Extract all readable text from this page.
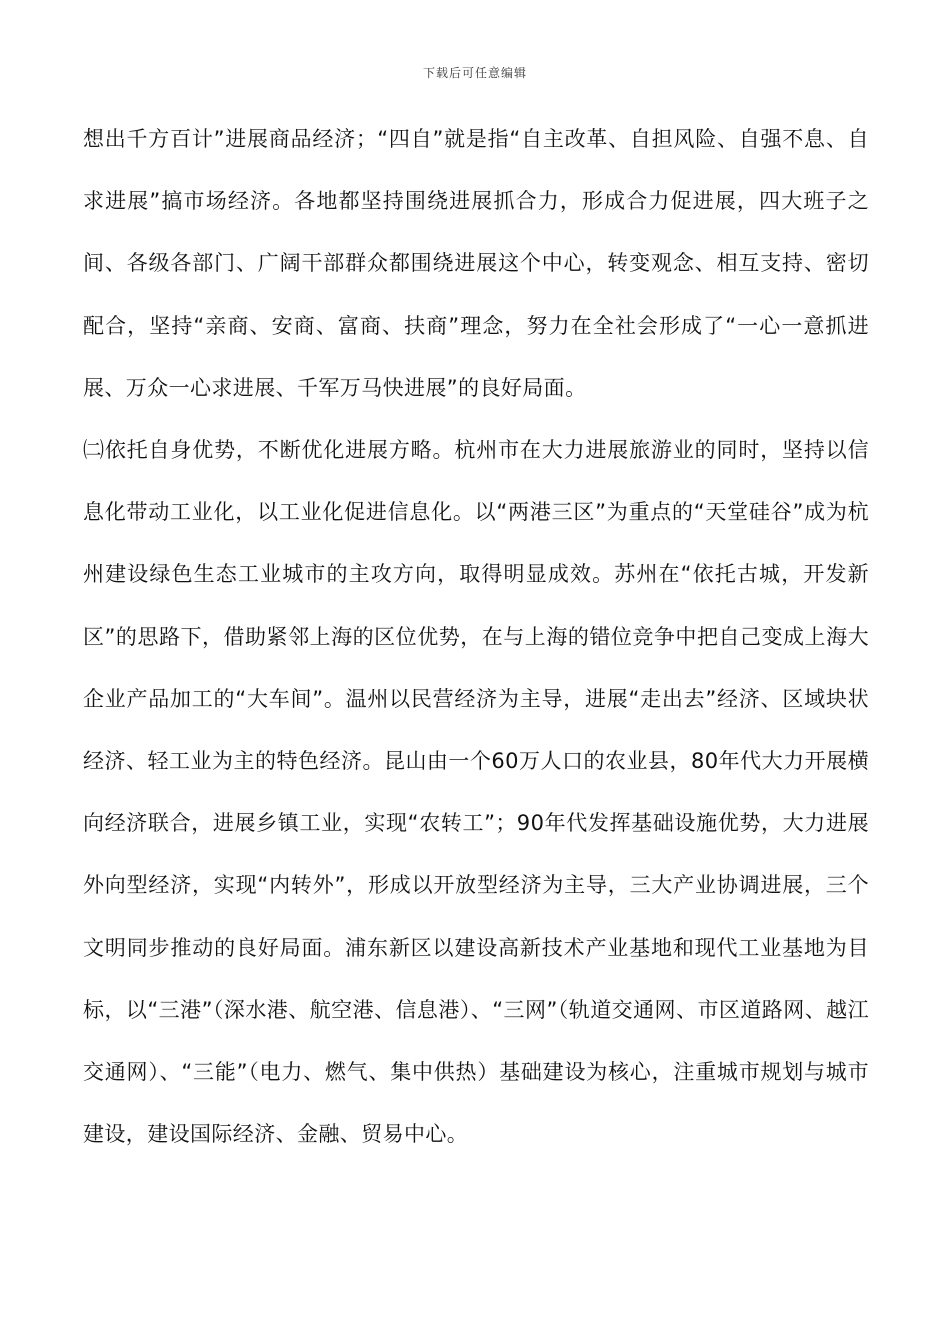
下载后可任意编辑

想出千方百计”进展商品经济；“四自”就是指“自主改革、自担风险、自强不息、自求进展”搞市场经济。各地都坚持围绕进展抓合力，形成合力促进展，四大班子之间、各级各部门、广阔干部群众都围绕进展这个中心，转变观念、相互支持、密切配合，坚持“亲商、安商、富商、扶商”理念，努力在全社会形成了“一心一意抓进展、万众一心求进展、千军万马快进展”的良好局面。

㈡依托自身优势，不断优化进展方略。杭州市在大力进展旅游业的同时，坚持以信息化带动工业化，以工业化促进信息化。以“两港三区”为重点的“天堂硅谷”成为杭州建设绿色生态工业城市的主攻方向，取得明显成效。苏州在“依托古城，开发新区”的思路下，借助紧邻上海的区位优势，在与上海的错位竞争中把自己变成上海大企业产品加工的“大车间”。温州以民营经济为主导，进展“走出去”经济、区域块状经济、轻工业为主的特色经济。昆山由一个60万人口的农业县，80年代大力开展横向经济联合，进展乡镇工业，实现“农转工”；90年代发挥基础设施优势，大力进展外向型经济，实现“内转外”，形成以开放型经济为主导，三大产业协调进展，三个文明同步推动的良好局面。浦东新区以建设高新技术产业基地和现代工业基地为目标，以“三港”（深水港、航空港、信息港）、“三网”（轨道交通网、市区道路网、越江交通网）、“三能”（电力、燃气、集中供热）基础建设为核心，注重城市规划与城市建设，建设国际经济、金融、贸易中心。
